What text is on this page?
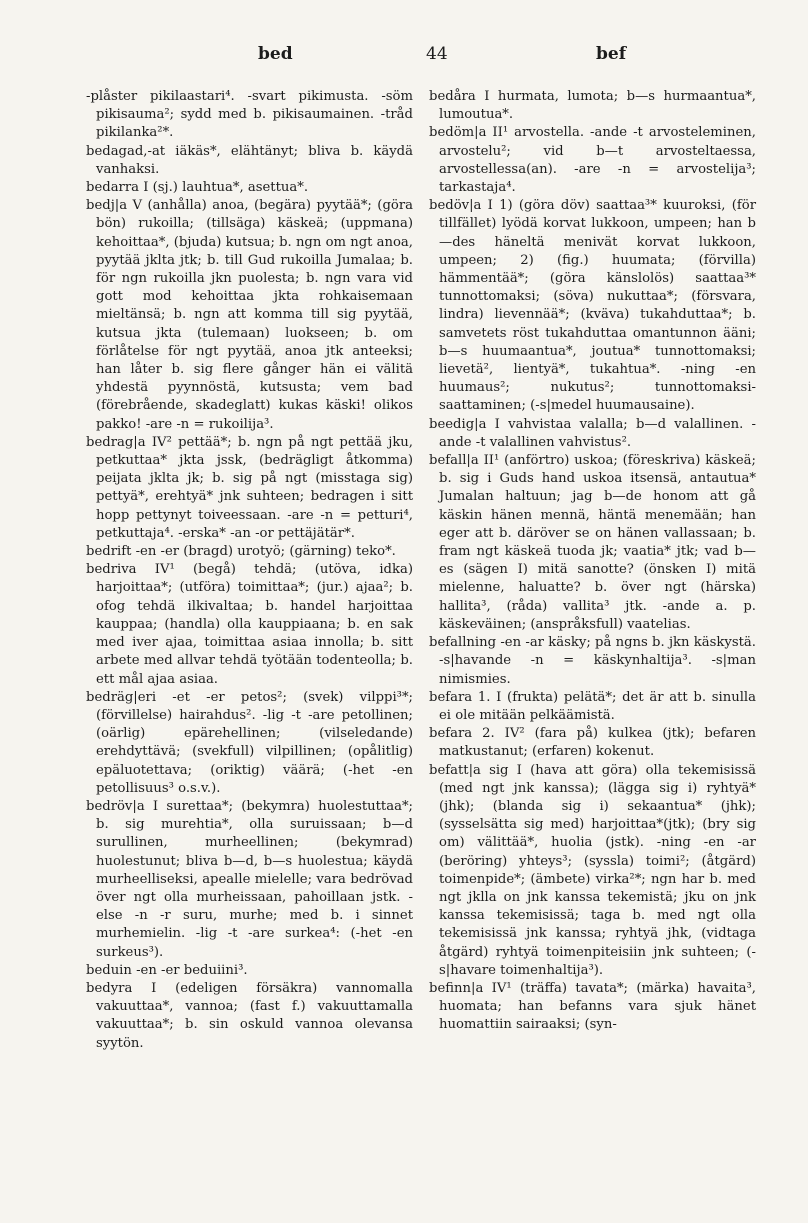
bed	44	bef

-plåster pikilaastari⁴. -svart pikimusta. -söm pikisauma²; sydd med b. pikisaumainen. -tråd pikilanka²*.

bedagad,-at iäkäs*, elähtänyt; bliva b. käydä vanhaksi.

bedarra I (sj.) lauhtua*, asettua*.

bedj|a V (anhålla) anoa, (begära) pyytää*; (göra bön) rukoilla; (tillsäga) käskeä; (uppmana) kehoittaa*, (bjuda) kutsua; b. ngn om ngt anoa, pyytää jklta jtk; b. till Gud rukoilla Jumalaa; b. för ngn rukoilla jkn puolesta; b. ngn vara vid gott mod kehoittaa jkta rohkaisemaan mieltänsä; b. ngn att komma till sig pyytää, kutsua jkta (tulemaan) luokseen; b. om förlåtelse för ngt pyytää, anoa jtk anteeksi; han låter b. sig flere gånger hän ei välitä yhdestä pyynnöstä, kutsusta; vem bad (förebrående, skadeglatt) kukas käski! olikos pakko! -are -n = rukoilija³.

bedrag|a IV² pettää*; b. ngn på ngt pettää jku, petkuttaa* jkta jssk, (bedrägligt åtkomma) peijata jklta jk; b. sig på ngt (misstaga sig) pettyä*, erehtyä* jnk suhteen; bedragen i sitt hopp pettynyt toiveessaan. -are -n = petturi⁴, petkuttaja⁴. -erska* -an -or pettäjätär*.

bedrift -en -er (bragd) urotyö; (gärning) teko*.

bedriva IV¹ (begå) tehdä; (utöva, idka) harjoittaa*; (utföra) toimittaa*; (jur.) ajaa²; b. ofog tehdä ilkivaltaa; b. handel harjoittaa kauppaa; (handla) olla kauppiaana; b. en sak med iver ajaa, toimittaa asiaa innolla; b. sitt arbete med allvar tehdä työtään todenteolla; b. ett mål ajaa asiaa.

bedräg|eri -et -er petos²; (svek) vilppi³*; (förvillelse) hairahdus². -lig -t -are petollinen; (oärlig) epärehellinen; (vilseledande) erehdyttävä; (svekfull) vilpillinen; (opålitlig) epäluotettava; (oriktig) väärä; (-het -en petollisuus³ o.s.v.).

bedröv|a I surettaa*; (bekymra) huolestuttaa*; b. sig murehtia*, olla suruissaan; b—d surullinen, murheellinen; (bekymrad) huolestunut; bliva b—d, b—s huolestua; käydä murheelliseksi, apealle mielelle; vara bedrövad över ngt olla murheissaan, pahoillaan jstk. -else -n -r suru, murhe; med b. i sinnet murhemielin. -lig -t -are surkea⁴: (-het -en surkeus³).

beduin -en -er beduiini³.

bedyra I (edeligen försäkra) vannomalla vakuuttaa*, vannoa; (fast f.) vakuuttamalla vakuuttaa*; b. sin oskuld vannoa olevansa syytön.

bedåra I hurmata, lumota; b—s hurmaantua*, lumoutua*.

bedöm|a II¹ arvostella. -ande -t arvosteleminen, arvostelu²; vid b—t arvosteltaessa, arvostellessa(an). -are -n = arvostelija³; tarkastaja⁴.

bedöv|a I 1) (göra döv) saattaa³* kuuroksi, (för tillfället) lyödä korvat lukkoon, umpeen; han b—des häneltä menivät korvat lukkoon, umpeen; 2) (fig.) huumata; (förvilla) hämmentää*; (göra känslolös) saattaa³* tunnottomaksi; (söva) nukuttaa*; (försvara, lindra) lievennää*; (kväva) tukahduttaa*; b. samvetets röst tukahduttaa omantunnon ääni; b—s huumaantua*, joutua* tunnottomaksi; lievetä², lientyä*, tukahtua*. -ning -en huumaus²; nukutus²; tunnottomaksi-saattaminen; (-s|medel huumausaine).

beedig|a I vahvistaa valalla; b—d valallinen. -ande -t valallinen vahvistus².

befall|a II¹ (anförtro) uskoa; (föreskriva) käskeä; b. sig i Guds hand uskoa itsensä, antautua* Jumalan haltuun; jag b—de honom att gå käskin hänen mennä, häntä menemään; han eger att b. däröver se on hänen vallassaan; b. fram ngt käskeä tuoda jk; vaatia* jtk; vad b—es (sägen I) mitä sanotte? (önsken I) mitä mielenne, haluatte? b. över ngt (härska) hallita³, (råda) vallita³ jtk. -ande a. p. käskeväinen; (anspråksfull) vaatelias.

befallning -en -ar käsky; på ngns b. jkn käskystä. -s|havande -n = käskynhaltija³. -s|man nimismies.

befara 1. I (frukta) pelätä*; det är att b. sinulla ei ole mitään pelkäämistä.

befara 2. IV² (fara på) kulkea (jtk); befaren matkustanut; (erfaren) kokenut.

befatt|a sig I (hava att göra) olla tekemisissä (med ngt jnk kanssa); (lägga sig i) ryhtyä* (jhk); (blanda sig i) sekaantua* (jhk); (sysselsätta sig med) harjoittaa*(jtk); (bry sig om) välittää*, huolia (jstk). -ning -en -ar (beröring) yhteys³; (syssla) toimi²; (åtgärd) toimenpide*; (ämbete) virka²*; ngn har b. med ngt jklla on jnk kanssa tekemistä; jku on jnk kanssa tekemisissä; taga b. med ngt olla tekemisissä jnk kanssa; ryhtyä jhk, (vidtaga åtgärd) ryhtyä toimenpiteisiin jnk suhteen; (-s|havare toimenhaltija³).

befinn|a IV¹ (träffa) tavata*; (märka) havaita³, huomata; han befanns vara sjuk hänet huomattiin sairaaksi; (syn-
